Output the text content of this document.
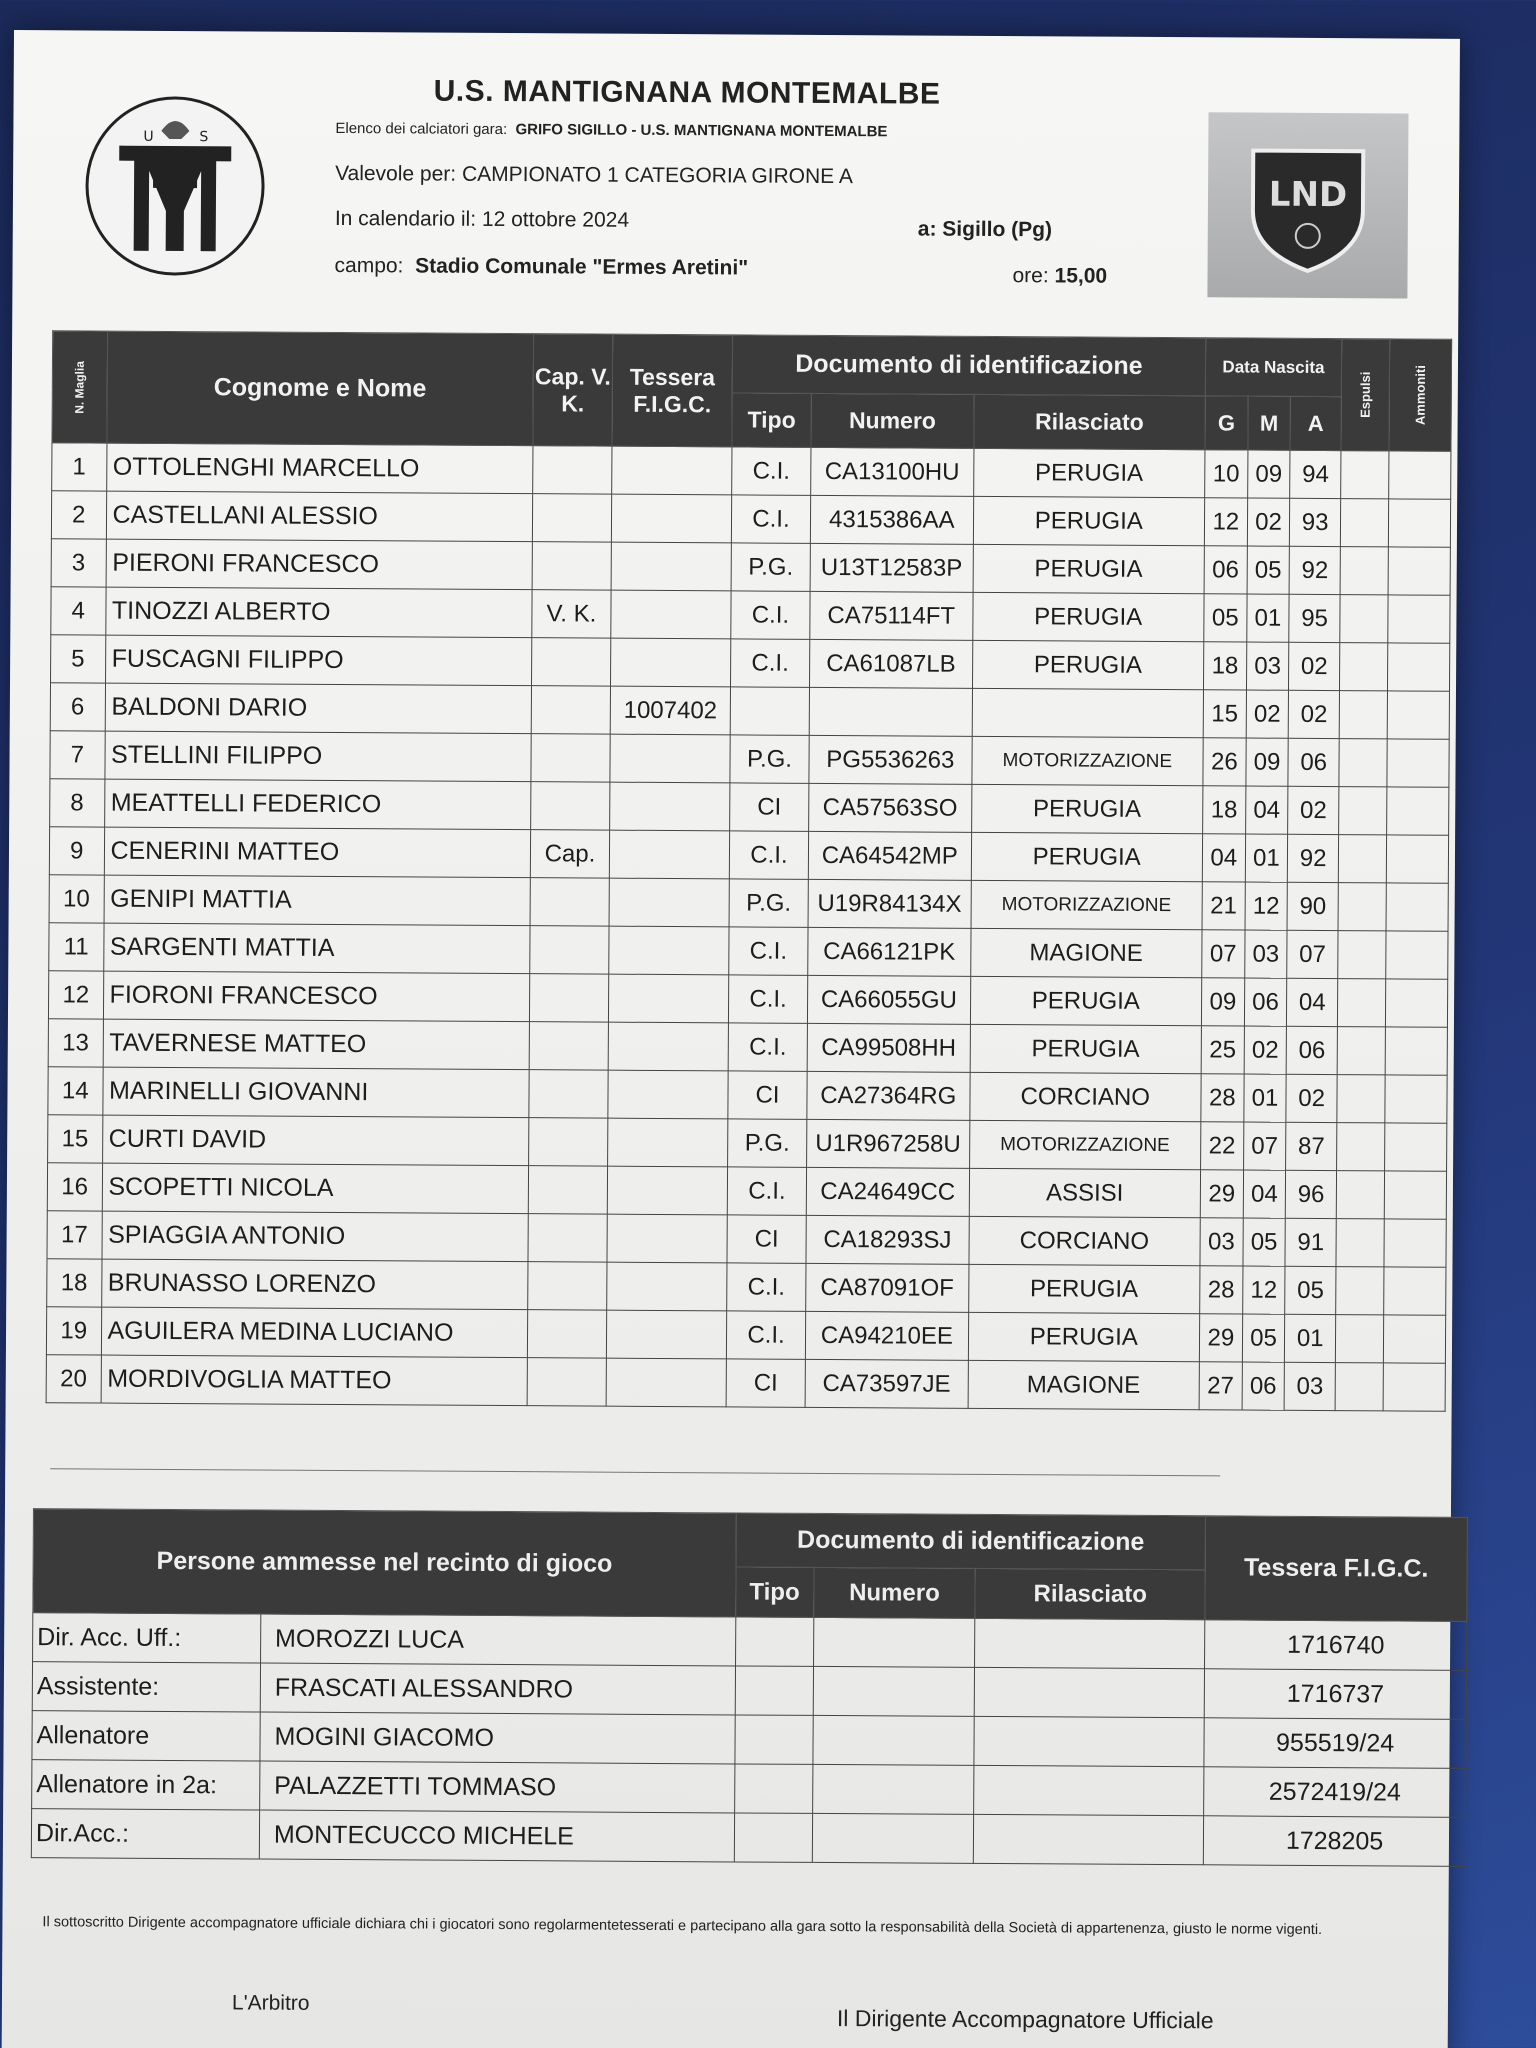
U	S
U.S. MANTIGNANA MONTEMALBE
Elenco dei calciatori gara: GRIFO SIGILLO - U.S. MANTIGNANA MONTEMALBE
Valevole per: CAMPIONATO 1 CATEGORIA GIRONE A
In calendario il: 12 ottobre 2024	a: Sigillo (Pg)
campo: Stadio Comunale "Ermes Aretini"	ore: 15,00
LND
N. Maglia	Cognome e Nome	Cap. V. K.	Tessera F.I.G.C.	Documento di identificazione			Data Nascita			Espulsi	Ammoniti

				Tipo	Numero	Rilasciato	G	M	A		
1	OTTOLENGHI MARCELLO			C.I.	CA13100HU	PERUGIA	10	09	94		
2	CASTELLANI ALESSIO			C.I.	4315386AA	PERUGIA	12	02	93		
3	PIERONI FRANCESCO			P.G.	U13T12583P	PERUGIA	06	05	92		
4	TINOZZI ALBERTO	V. K.		C.I.	CA75114FT	PERUGIA	05	01	95		
5	FUSCAGNI FILIPPO			C.I.	CA61087LB	PERUGIA	18	03	02		
6	BALDONI DARIO		1007402				15	02	02		
7	STELLINI FILIPPO			P.G.	PG5536263	MOTORIZZAZIONE	26	09	06		
8	MEATTELLI FEDERICO			CI	CA57563SO	PERUGIA	18	04	02		
9	CENERINI MATTEO	Cap.		C.I.	CA64542MP	PERUGIA	04	01	92		
10	GENIPI MATTIA			P.G.	U19R84134X	MOTORIZZAZIONE	21	12	90		
11	SARGENTI MATTIA			C.I.	CA66121PK	MAGIONE	07	03	07		
12	FIORONI FRANCESCO			C.I.	CA66055GU	PERUGIA	09	06	04		
13	TAVERNESE MATTEO			C.I.	CA99508HH	PERUGIA	25	02	06		
14	MARINELLI GIOVANNI			CI	CA27364RG	CORCIANO	28	01	02		
15	CURTI DAVID			P.G.	U1R967258U	MOTORIZZAZIONE	22	07	87		
16	SCOPETTI NICOLA			C.I.	CA24649CC	ASSISI	29	04	96		
17	SPIAGGIA ANTONIO			CI	CA18293SJ	CORCIANO	03	05	91		
18	BRUNASSO LORENZO			C.I.	CA87091OF	PERUGIA	28	12	05		
19	AGUILERA MEDINA LUCIANO			C.I.	CA94210EE	PERUGIA	29	05	01		
20	MORDIVOGLIA MATTEO			CI	CA73597JE	MAGIONE	27	06	03		
Persone ammesse nel recinto di gioco		Documento di identificazione			Tessera F.I.G.C.
		Tipo	Numero	Rilasciato	
Dir. Acc. Uff.:	MOROZZI LUCA				1716740
Assistente:	FRASCATI ALESSANDRO				1716737
Allenatore	MOGINI GIACOMO				955519/24
Allenatore in 2a:	PALAZZETTI TOMMASO				2572419/24
Dir.Acc.:	MONTECUCCO MICHELE				1728205
Il sottoscritto Dirigente accompagnatore ufficiale dichiara chi i giocatori sono regolarmentetesserati e partecipano alla gara sotto la responsabilità della Società di appartenenza, giusto le norme vigenti.
L'Arbitro
Il Dirigente Accompagnatore Ufficiale
